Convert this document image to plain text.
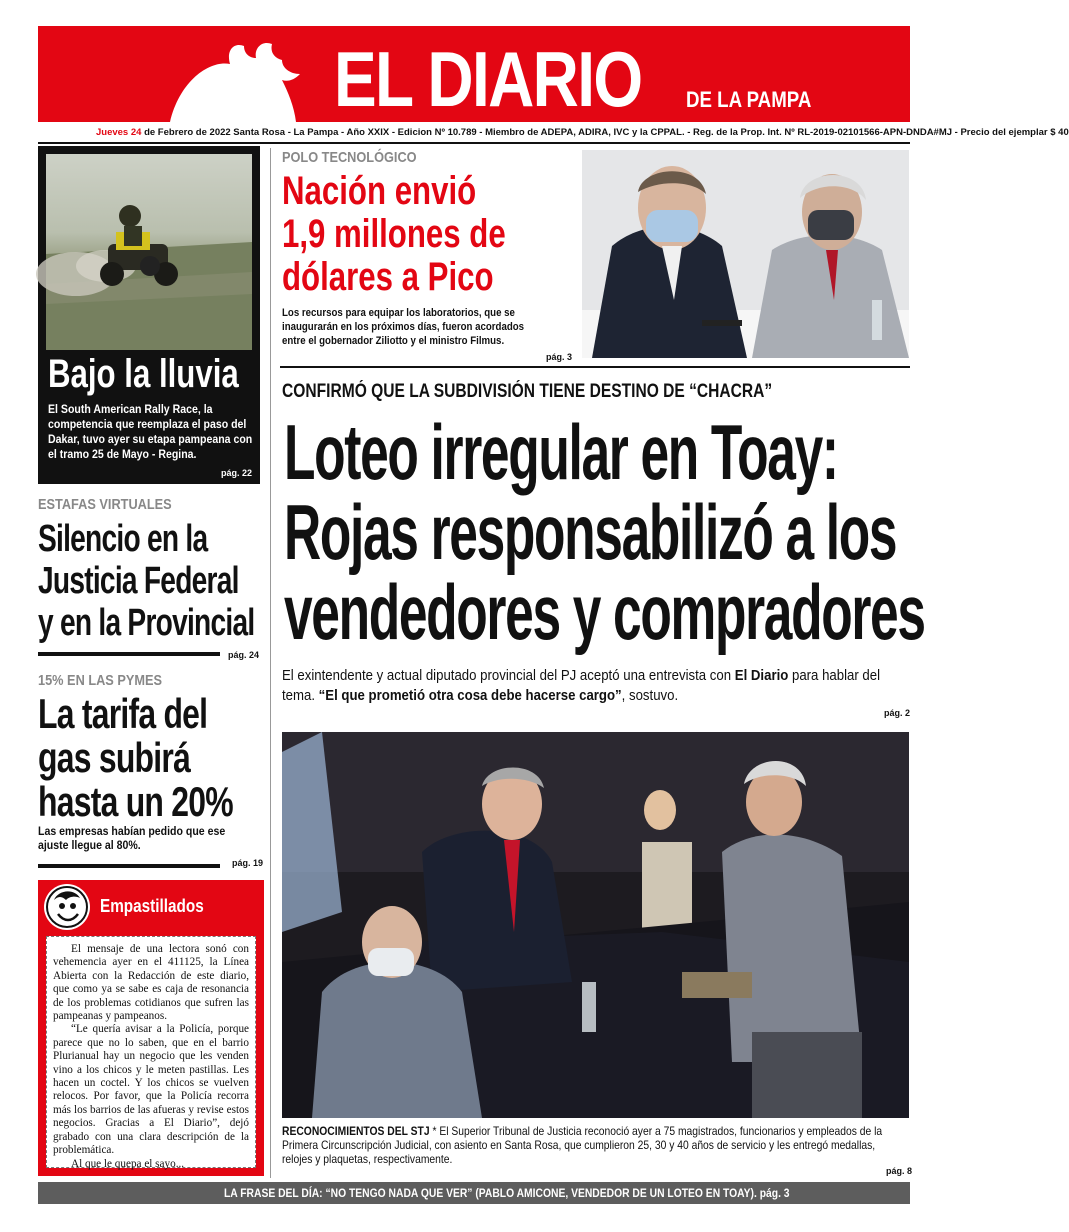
EL DIARIO DE LA PAMPA
Jueves 24 de Febrero de 2022 Santa Rosa - La Pampa - Año XXIX - Edicion Nº 10.789 - Miembro de ADEPA, ADIRA, IVC y la CPPAL. - Reg. de la Prop. Int. Nº RL-2019-02101566-APN-DNDA#MJ - Precio del ejemplar $ 40
Bajo la lluvia
El South American Rally Race, la competencia que reemplaza el paso del Dakar, tuvo ayer su etapa pampeana con el tramo 25 de Mayo - Regina.
pág. 22
ESTAFAS VIRTUALES
Silencio en la
Justicia Federal
y en la Provincial
pág. 24
15% EN LAS PYMES
La tarifa del
gas subirá
hasta un 20%
Las empresas habían pedido que ese ajuste llegue al 80%.
pág. 19
Empastillados

El mensaje de una lectora sonó con vehemencia ayer en el 411125, la Línea Abierta con la Redacción de este diario, que como ya se sabe es caja de resonancia de los problemas cotidianos que sufren las pampeanas y pampeanos.

“Le quería avisar a la Policía, porque parece que no lo saben, que en el barrio Plurianual hay un negocio que les venden vino a los chicos y le meten pastillas. Les hacen un coctel. Y los chicos se vuelven relocos. Por favor, que la Policía recorra más los barrios de las afueras y revise estos negocios. Gracias a El Diario”, dejó grabado con una clara descripción de la problemática.

Al que le quepa el sayo...

POLO TECNOLÓGICO
Nación envió
1,9 millones de
dólares a Pico
Los recursos para equipar los laboratorios, que se inaugurarán en los próximos días, fueron acordados entre el gobernador Ziliotto y el ministro Filmus.
pág. 3
CONFIRMÓ QUE LA SUBDIVISIÓN TIENE DESTINO DE “CHACRA”
Loteo irregular en Toay:
Rojas responsabilizó a los
vendedores y compradores
El exintendente y actual diputado provincial del PJ aceptó una entrevista con El Diario para hablar del tema. “El que prometió otra cosa debe hacerse cargo”, sostuvo.
pág. 2
RECONOCIMIENTOS DEL STJ * El Superior Tribunal de Justicia reconoció ayer a 75 magistrados, funcionarios y empleados de la Primera Circunscripción Judicial, con asiento en Santa Rosa, que cumplieron 25, 30 y 40 años de servicio y les entregó medallas, relojes y plaquetas, respectivamente.
pág. 8
LA FRASE DEL DÍA: “NO TENGO NADA QUE VER” (PABLO AMICONE, VENDEDOR DE UN LOTEO EN TOAY). pág. 3
